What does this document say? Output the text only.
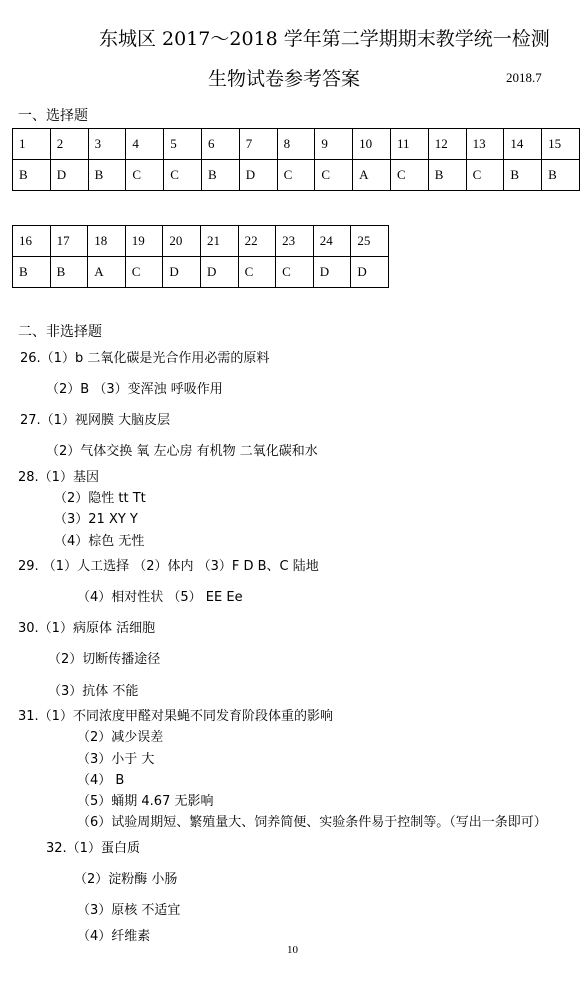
东城区 2017～2018 学年第二学期期末教学统一检测
生物试卷参考答案	2018.7
一、选择题
1	2	3	4	5	6	7	8	9	10	11	12	13	14	15
B	D	B	C	C	B	D	C	C	A	C	B	C	B	B
16	17	18	19	20	21	22	23	24	25
B	B	A	C	D	D	C	C	D	D
二、非选择题
26.（1）b 二氧化碳是光合作用必需的原料
（2）B （3）变浑浊 呼吸作用
27.（1）视网膜 大脑皮层
（2）气体交换 氧 左心房 有机物 二氧化碳和水
28.（1）基因
（2）隐性 tt Tt
（3）21 XY Y
（4）棕色 无性
29. （1）人工选择 （2）体内 （3）F D B、C 陆地
（4）相对性状 （5） EE Ee
30.（1）病原体 活细胞
（2）切断传播途径
（3）抗体 不能
31.（1）不同浓度甲醛对果蝇不同发育阶段体重的影响
（2）减少误差
（3）小于 大
（4） B
（5）蛹期 4.67 无影响
（6）试验周期短、繁殖量大、饲养简便、实验条件易于控制等。（写出一条即可）
32.（1）蛋白质
（2）淀粉酶 小肠
（3）原核 不适宜
（4）纤维素
10
